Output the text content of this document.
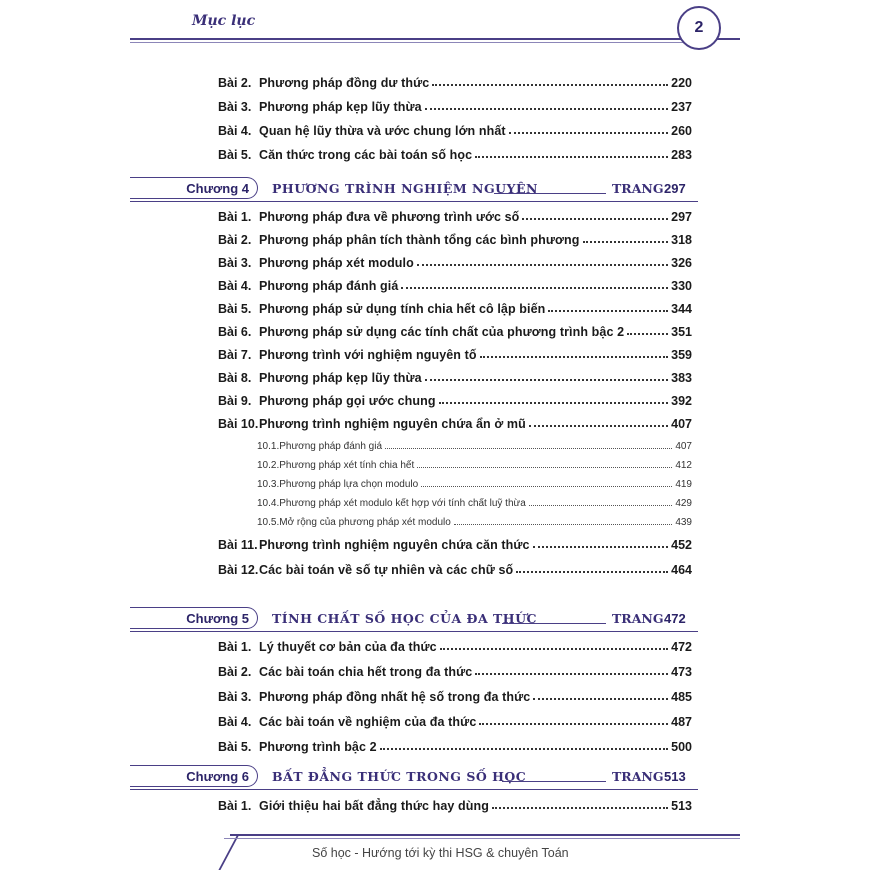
Mục lục	2
Bài 2. Phương pháp đồng dư thức	220
Bài 3. Phương pháp kẹp lũy thừa	237
Bài 4. Quan hệ lũy thừa và ước chung lớn nhất	260
Bài 5. Căn thức trong các bài toán số học	283
Chương 4	PHƯƠNG TRÌNH NGHIỆM NGUYÊN	TRANG 297
Bài 1. Phương pháp đưa về phương trình ước số	297
Bài 2. Phương pháp phân tích thành tổng các bình phương	318
Bài 3. Phương pháp xét modulo	326
Bài 4. Phương pháp đánh giá	330
Bài 5. Phương pháp sử dụng tính chia hết cô lập biến	344
Bài 6. Phương pháp sử dụng các tính chất của phương trình bậc 2	351
Bài 7. Phương trình với nghiệm nguyên tố	359
Bài 8. Phương pháp kẹp lũy thừa	383
Bài 9. Phương pháp gọi ước chung	392
Bài 10. Phương trình nghiệm nguyên chứa ẩn ở mũ	407
10.1.Phương pháp đánh giá	407
10.2.Phương pháp xét tính chia hết	412
10.3.Phương pháp lựa chọn modulo	419
10.4.Phương pháp xét modulo kết hợp với tính chất luỹ thừa	429
10.5.Mở rộng của phương pháp xét modulo	439
Bài 11. Phương trình nghiệm nguyên chứa căn thức	452
Bài 12. Các bài toán về số tự nhiên và các chữ số	464
Chương 5	TÍNH CHẤT SỐ HỌC CỦA ĐA THỨC	TRANG 472
Bài 1. Lý thuyết cơ bản của đa thức	472
Bài 2. Các bài toán chia hết trong đa thức	473
Bài 3. Phương pháp đồng nhất hệ số trong đa thức	485
Bài 4. Các bài toán về nghiệm của đa thức	487
Bài 5. Phương trình bậc 2	500
Chương 6	BẤT ĐẲNG THỨC TRONG SỐ HỌC	TRANG 513
Bài 1. Giới thiệu hai bất đẳng thức hay dùng	513
Số học - Hướng tới kỳ thi HSG & chuyên Toán
